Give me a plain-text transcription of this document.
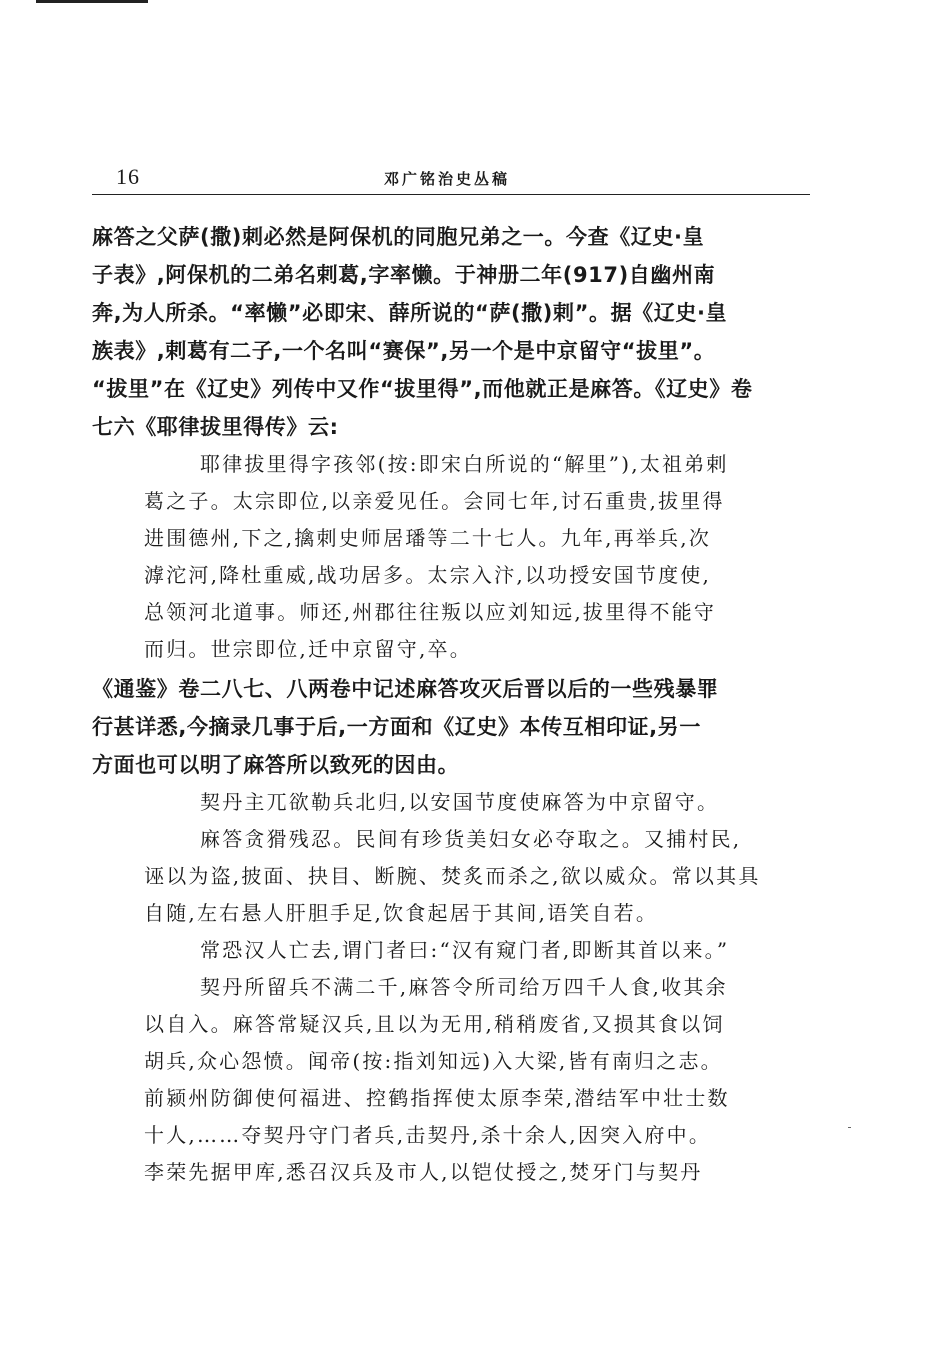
16	邓广铭治史丛稿
麻答之父萨(撒)刺必然是阿保机的同胞兄弟之一。今查《辽史·皇
子表》,阿保机的二弟名剌葛,字率懒。于神册二年(917)自幽州南
奔,为人所杀。“率懒”必即宋、薛所说的“萨(撒)剌”。据《辽史·皇
族表》,剌葛有二子,一个名叫“赛保”,另一个是中京留守“拔里”。
“拔里”在《辽史》列传中又作“拔里得”,而他就正是麻答。《辽史》卷
七六《耶律拔里得传》云:
耶律拔里得字孩邻(按:即宋白所说的“解里”),太祖弟剌
葛之子。太宗即位,以亲爱见任。会同七年,讨石重贵,拔里得
进围德州,下之,擒刺史师居璠等二十七人。九年,再举兵,次
滹沱河,降杜重威,战功居多。太宗入汴,以功授安国节度使,
总领河北道事。师还,州郡往往叛以应刘知远,拔里得不能守
而归。世宗即位,迁中京留守,卒。
《通鉴》卷二八七、八两卷中记述麻答攻灭后晋以后的一些残暴罪
行甚详悉,今摘录几事于后,一方面和《辽史》本传互相印证,另一
方面也可以明了麻答所以致死的因由。
契丹主兀欲勒兵北归,以安国节度使麻答为中京留守。
麻答贪猾残忍。民间有珍货美妇女必夺取之。又捕村民,
诬以为盗,披面、抉目、断腕、焚炙而杀之,欲以威众。常以其具
自随,左右悬人肝胆手足,饮食起居于其间,语笑自若。
常恐汉人亡去,谓门者曰:“汉有窥门者,即断其首以来。”
契丹所留兵不满二千,麻答令所司给万四千人食,收其余
以自入。麻答常疑汉兵,且以为无用,稍稍废省,又损其食以饲
胡兵,众心怨愤。闻帝(按:指刘知远)入大梁,皆有南归之志。
前颍州防御使何福进、控鹤指挥使太原李荣,潜结军中壮士数
十人,……夺契丹守门者兵,击契丹,杀十余人,因突入府中。
李荣先据甲库,悉召汉兵及市人,以铠仗授之,焚牙门与契丹
